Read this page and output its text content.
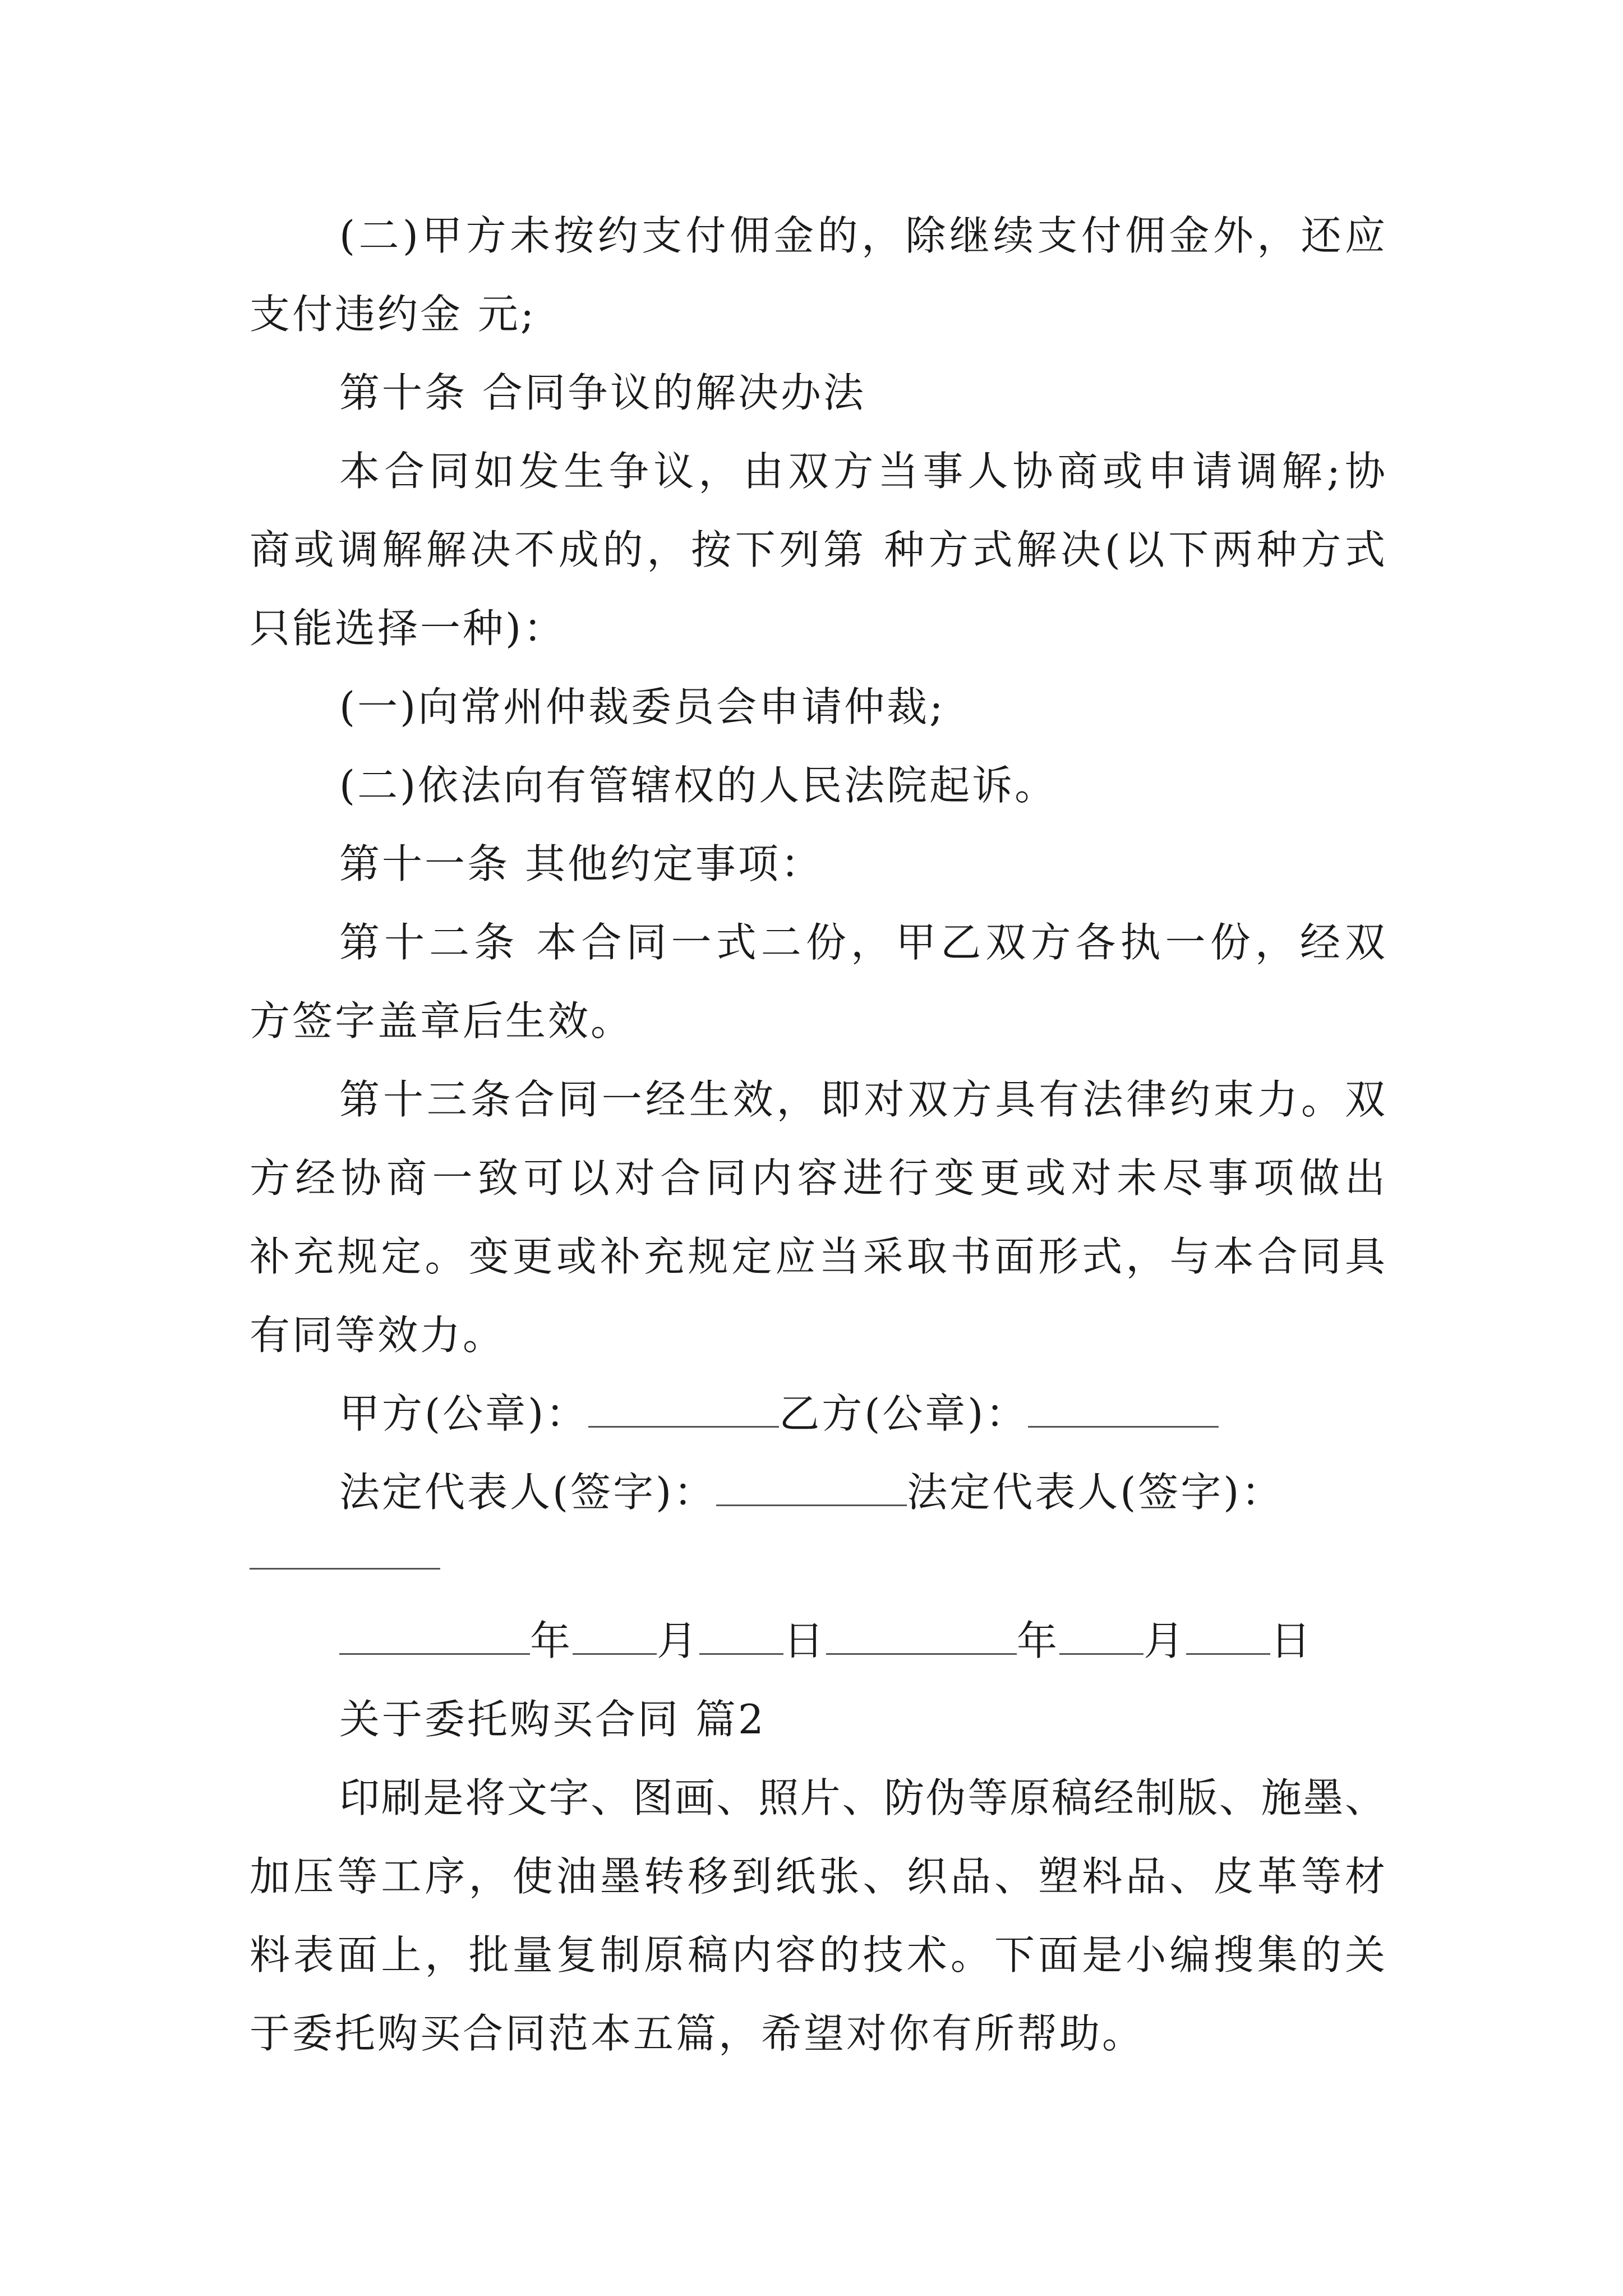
(二)甲方未按约支付佣金的，除继续支付佣金外，还应
支付违约金 元;
第十条 合同争议的解决办法
本合同如发生争议，由双方当事人协商或申请调解;协
商或调解解决不成的，按下列第 种方式解决(以下两种方式
只能选择一种)：
(一)向常州仲裁委员会申请仲裁;
(二)依法向有管辖权的人民法院起诉。
第十一条 其他约定事项：
第十二条 本合同一式二份，甲乙双方各执一份，经双
方签字盖章后生效。
第十三条合同一经生效，即对双方具有法律约束力。双
方经协商一致可以对合同内容进行变更或对未尽事项做出
补充规定。变更或补充规定应当采取书面形式，与本合同具
有同等效力。
甲方(公章)：	乙方(公章)：
法定代表人(签字)：	法定代表人(签字)：
年 月 日	年 月 日
关于委托购买合同 篇2
印刷是将文字、图画、照片、防伪等原稿经制版、施墨、
加压等工序，使油墨转移到纸张、织品、塑料品、皮革等材
料表面上，批量复制原稿内容的技术。下面是小编搜集的关
于委托购买合同范本五篇，希望对你有所帮助。
